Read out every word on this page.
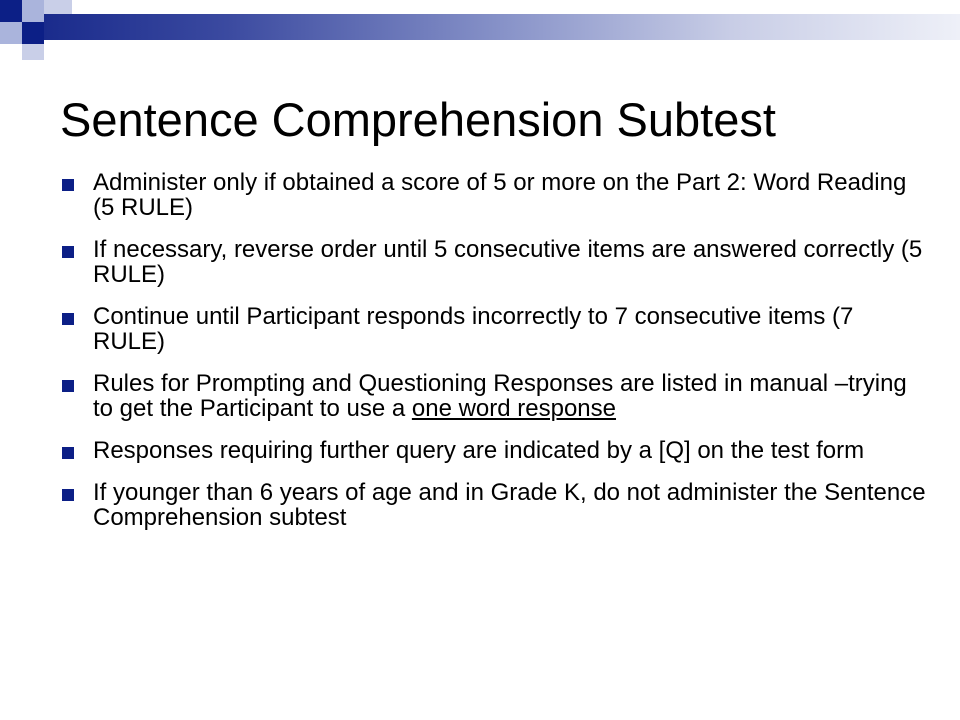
Sentence Comprehension Subtest
Administer only if obtained a score of 5 or more on the Part 2: Word Reading (5 RULE)
If necessary, reverse order until 5 consecutive items are answered correctly (5 RULE)
Continue until Participant responds incorrectly to 7 consecutive items (7 RULE)
Rules for Prompting and Questioning Responses are listed in manual –trying to get the Participant to use a one word response
Responses requiring further query are indicated by a [Q] on the test form
If younger than 6 years of age and in Grade K, do not administer the Sentence Comprehension subtest
